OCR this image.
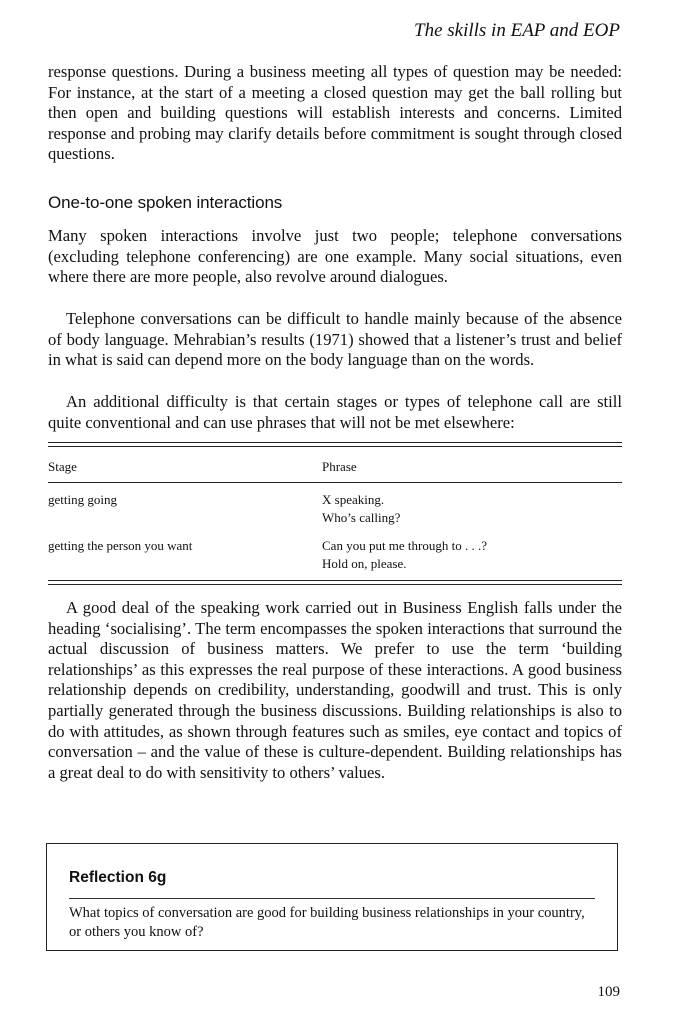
The skills in EAP and EOP

response questions. During a business meeting all types of question may be needed: For instance, at the start of a meeting a closed question may get the ball rolling but then open and building questions will establish interests and concerns. Limited response and probing may clarify details before commitment is sought through closed questions.

One-to-one spoken interactions

Many spoken interactions involve just two people; telephone conversations (excluding telephone conferencing) are one example. Many social situations, even where there are more people, also revolve around dialogues.

Telephone conversations can be difficult to handle mainly because of the absence of body language. Mehrabian’s results (1971) showed that a listener’s trust and belief in what is said can depend more on the body language than on the words.

An additional difficulty is that certain stages or types of telephone call are still quite conventional and can use phrases that will not be met elsewhere:

Stage	Phrase
getting going	X speaking.
Who’s calling?
getting the person you want	Can you put me through to . . .?
Hold on, please.

A good deal of the speaking work carried out in Business English falls under the heading ‘socialising’. The term encompasses the spoken interactions that surround the actual discussion of business matters. We prefer to use the term ‘building relationships’ as this expresses the real purpose of these interactions. A good business relationship depends on credibility, understanding, goodwill and trust. This is only partially generated through the business discussions. Building relationships is also to do with attitudes, as shown through features such as smiles, eye contact and topics of conversation – and the value of these is culture-dependent. Building relationships has a great deal to do with sensitivity to others’ values.

Reflection 6g
What topics of conversation are good for building business relationships in your country, or others you know of?
109
